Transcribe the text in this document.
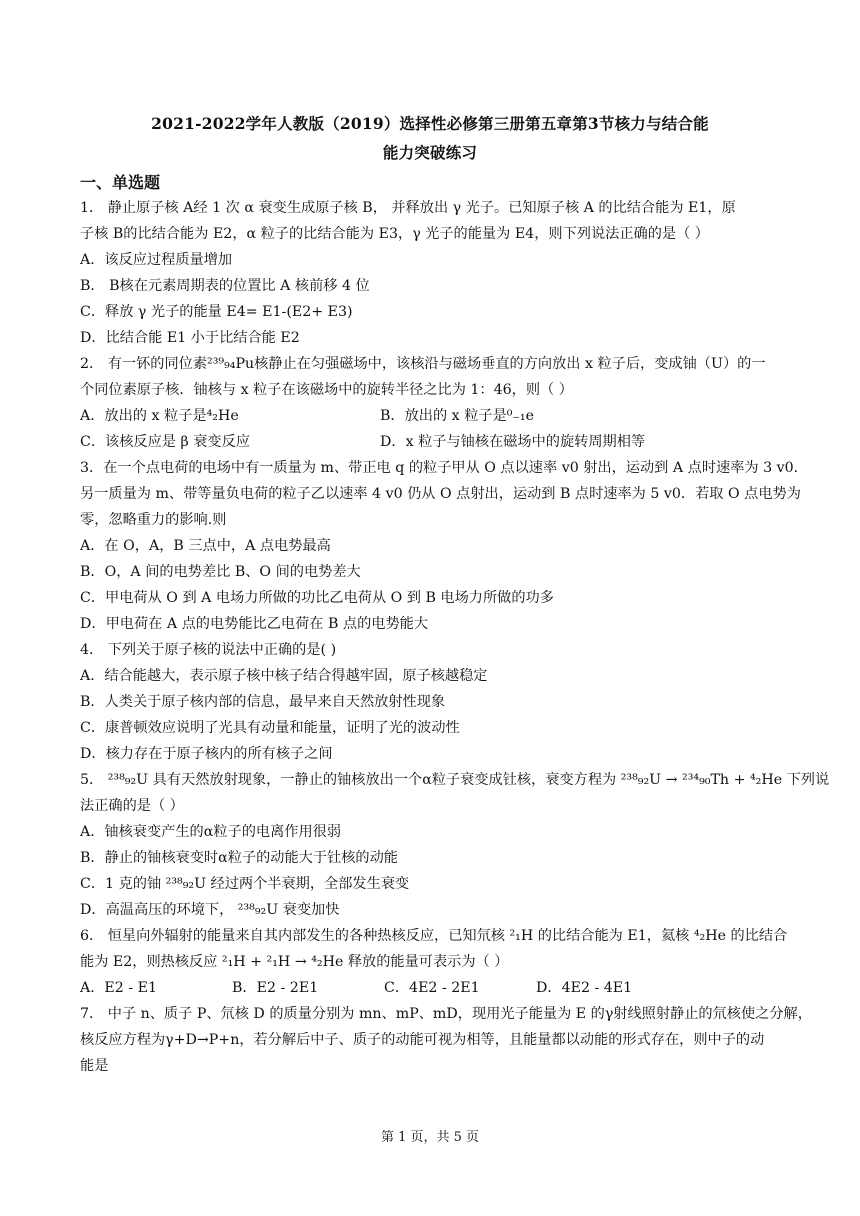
2021-2022学年人教版（2019）选择性必修第三册第五章第3节核力与结合能
能力突破练习
一、单选题
1． 静止原子核 A经 1 次 α 衰变生成原子核 B， 并释放出 γ 光子。已知原子核 A 的比结合能为 E1，原
子核 B的比结合能为 E2，α 粒子的比结合能为 E3，γ 光子的能量为 E4，则下列说法正确的是（ ）
A．该反应过程质量增加
B． B核在元素周期表的位置比 A 核前移 4 位
C．释放 γ 光子的能量 E4= E1-(E2+ E3)
D．比结合能 E1 小于比结合能 E2
2． 有一钚的同位素²³⁹₉₄Pu核静止在匀强磁场中，该核沿与磁场垂直的方向放出 x 粒子后，变成铀（U）的一
个同位素原子核．铀核与 x 粒子在该磁场中的旋转半径之比为 1：46，则（ ）
A．放出的 x 粒子是⁴₂He	B．放出的 x 粒子是⁰₋₁e
C．该核反应是 β 衰变反应	D．x 粒子与铀核在磁场中的旋转周期相等
3．在一个点电荷的电场中有一质量为 m、带正电 q 的粒子甲从 O 点以速率 v0 射出，运动到 A 点时速率为 3 v0．
另一质量为 m、带等量负电荷的粒子乙以速率 4 v0 仍从 O 点射出，运动到 B 点时速率为 5 v0．若取 O 点电势为
零，忽略重力的影响.则
A．在 O，A，B 三点中，A 点电势最高
B．O，A 间的电势差比 B、O 间的电势差大
C．甲电荷从 O 到 A 电场力所做的功比乙电荷从 O 到 B 电场力所做的功多
D．甲电荷在 A 点的电势能比乙电荷在 B 点的电势能大
4． 下列关于原子核的说法中正确的是( )
A．结合能越大，表示原子核中核子结合得越牢固，原子核越稳定
B．人类关于原子核内部的信息，最早来自天然放射性现象
C．康普顿效应说明了光具有动量和能量，证明了光的波动性
D．核力存在于原子核内的所有核子之间
5． ²³⁸₉₂U 具有天然放射现象，一静止的铀核放出一个α粒子衰变成钍核，衰变方程为 ²³⁸₉₂U → ²³⁴₉₀Th + ⁴₂He 下列说
法正确的是（ ）
A．铀核衰变产生的α粒子的电离作用很弱
B．静止的铀核衰变时α粒子的动能大于钍核的动能
C．1 克的铀 ²³⁸₉₂U 经过两个半衰期，全部发生衰变
D．高温高压的环境下， ²³⁸₉₂U 衰变加快
6． 恒星向外辐射的能量来自其内部发生的各种热核反应，已知氘核 ²₁H 的比结合能为 E1，氦核 ⁴₂He 的比结合
能为 E2，则热核反应 ²₁H + ²₁H → ⁴₂He 释放的能量可表示为（ ）
A．E2 - E1	B．E2 - 2E1	C．4E2 - 2E1	D．4E2 - 4E1
7． 中子 n、质子 P、氘核 D 的质量分别为 mn、mP、mD，现用光子能量为 E 的γ射线照射静止的氘核使之分解，
核反应方程为γ+D→P+n，若分解后中子、质子的动能可视为相等，且能量都以动能的形式存在，则中子的动
能是
第 1 页，共 5 页
